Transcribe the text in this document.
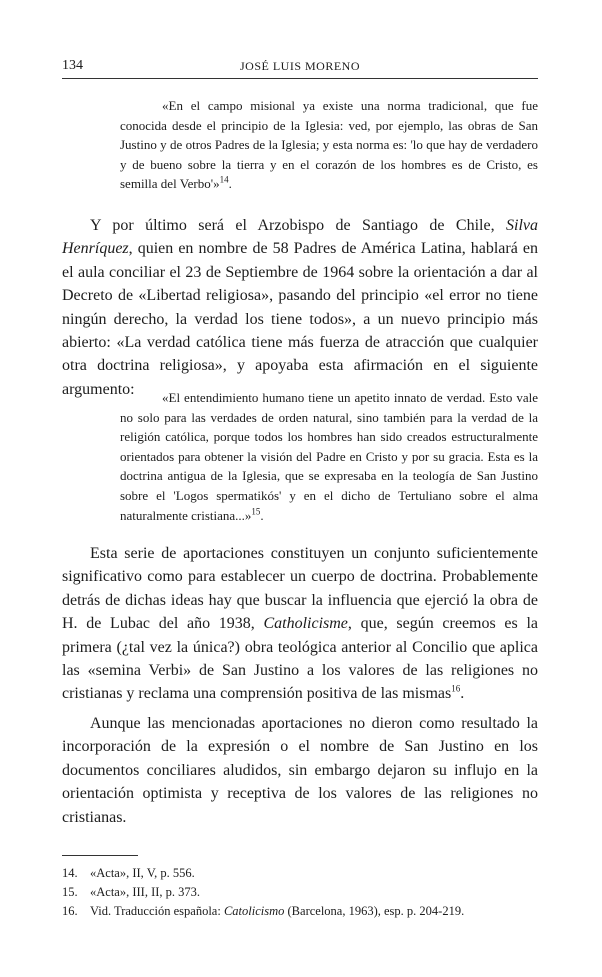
134	JOSÉ LUIS MORENO

«En el campo misional ya existe una norma tradicional, que fue conocida desde el principio de la Iglesia: ved, por ejemplo, las obras de San Justino y de otros Padres de la Iglesia; y esta norma es: 'lo que hay de verdadero y de bueno sobre la tierra y en el corazón de los hombres es de Cristo, es semilla del Verbo'»$^{14}$.

Y por último será el Arzobispo de Santiago de Chile, Silva Henríquez, quien en nombre de 58 Padres de América Latina, hablará en el aula conciliar el 23 de Septiembre de 1964 sobre la orientación a dar al Decreto de «Libertad religiosa», pasando del principio «el error no tiene ningún derecho, la verdad los tiene todos», a un nuevo principio más abierto: «La verdad católica tiene más fuerza de atracción que cualquier otra doctrina religiosa», y apoyaba esta afirmación en el siguiente argumento:	«El entendimiento humano tiene un apetito innato de verdad. Esto vale no solo para las verdades de orden natural, sino también para la verdad de la religión católica, porque todos los hombres han sido creados estructuralmente orientados para obtener la visión del Padre en Cristo y por su gracia. Esta es la doctrina antigua de la Iglesia, que se expresaba en la teología de San Justino sobre el 'Logos spermatikós' y en el dicho de Tertuliano sobre el alma naturalmente cristiana...»$^{15}$.

Esta serie de aportaciones constituyen un conjunto suficientemente significativo como para establecer un cuerpo de doctrina. Probablemente detrás de dichas ideas hay que buscar la influencia que ejerció la obra de H. de Lubac del año 1938, Catholicisme, que, según creemos es la primera (¿tal vez la única?) obra teológica anterior al Concilio que aplica las «semina Verbi» de San Justino a los valores de las religiones no cristianas y reclama una comprensión positiva de las mismas$^{16}$.

Aunque las mencionadas aportaciones no dieron como resultado la incorporación de la expresión o el nombre de San Justino en los documentos conciliares aludidos, sin embargo dejaron su influjo en la orientación optimista y receptiva de los valores de las religiones no cristianas.

14. «Acta», II, V, p. 556.
15. «Acta», III, II, p. 373.
16. Vid. Traducción española: Catolicismo (Barcelona, 1963), esp. p. 204-219.
